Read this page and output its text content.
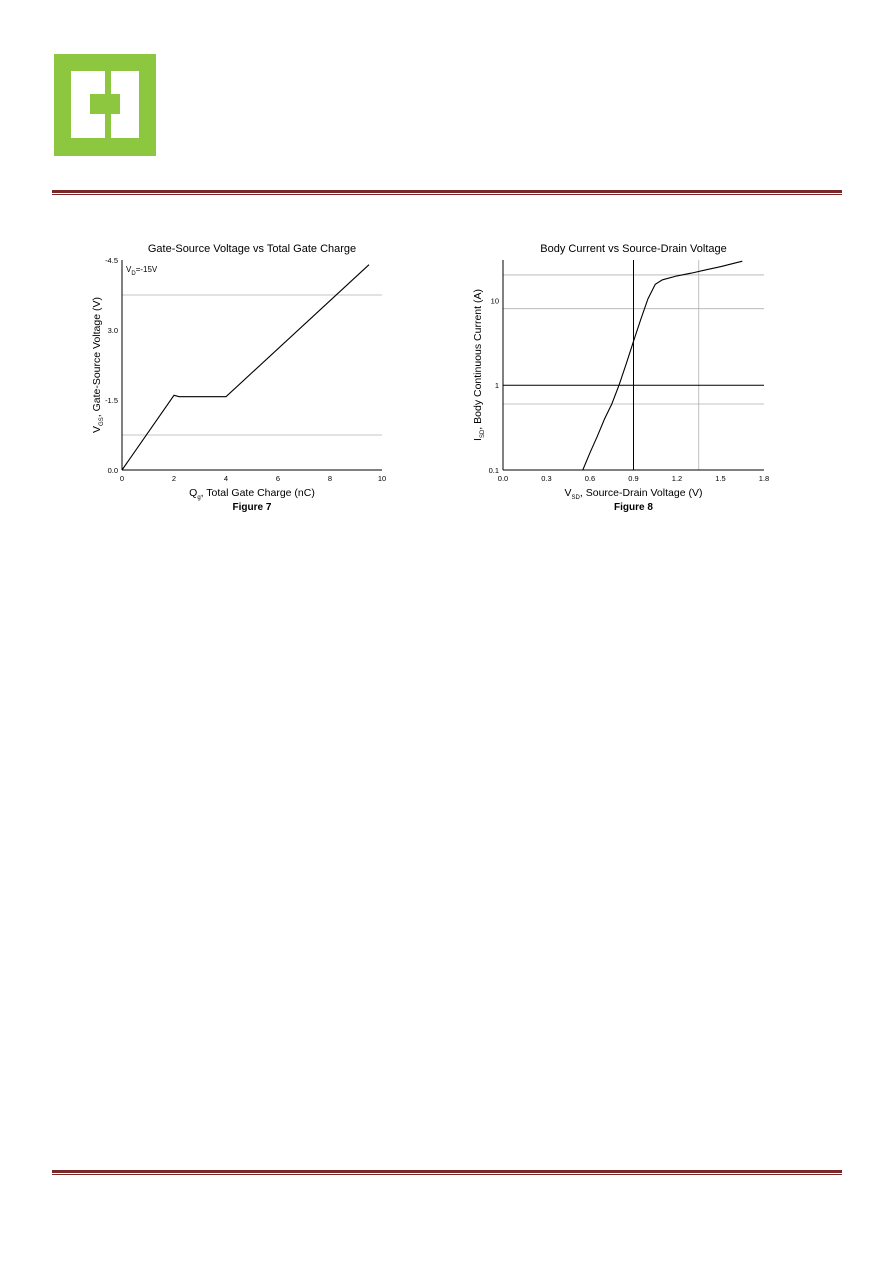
Gate-Source Voltage vs Total Gate Charge
0	2	4	6	8	10
0.0
-1.5
3.0
-4.5
$V_D=-15V$
$Q_g$, Total Gate Charge (nC)
$V_{GS}$, Gate-Source Voltage (V)
Figure 7
Body Current vs Source-Drain Voltage
0.0	0.3	0.6	0.9	1.2	1.5	1.8
0.1
1
10
$V_{SD}$, Source-Drain Voltage (V)
$I_{SD}$, Body Continuous Current (A)
Figure 8
